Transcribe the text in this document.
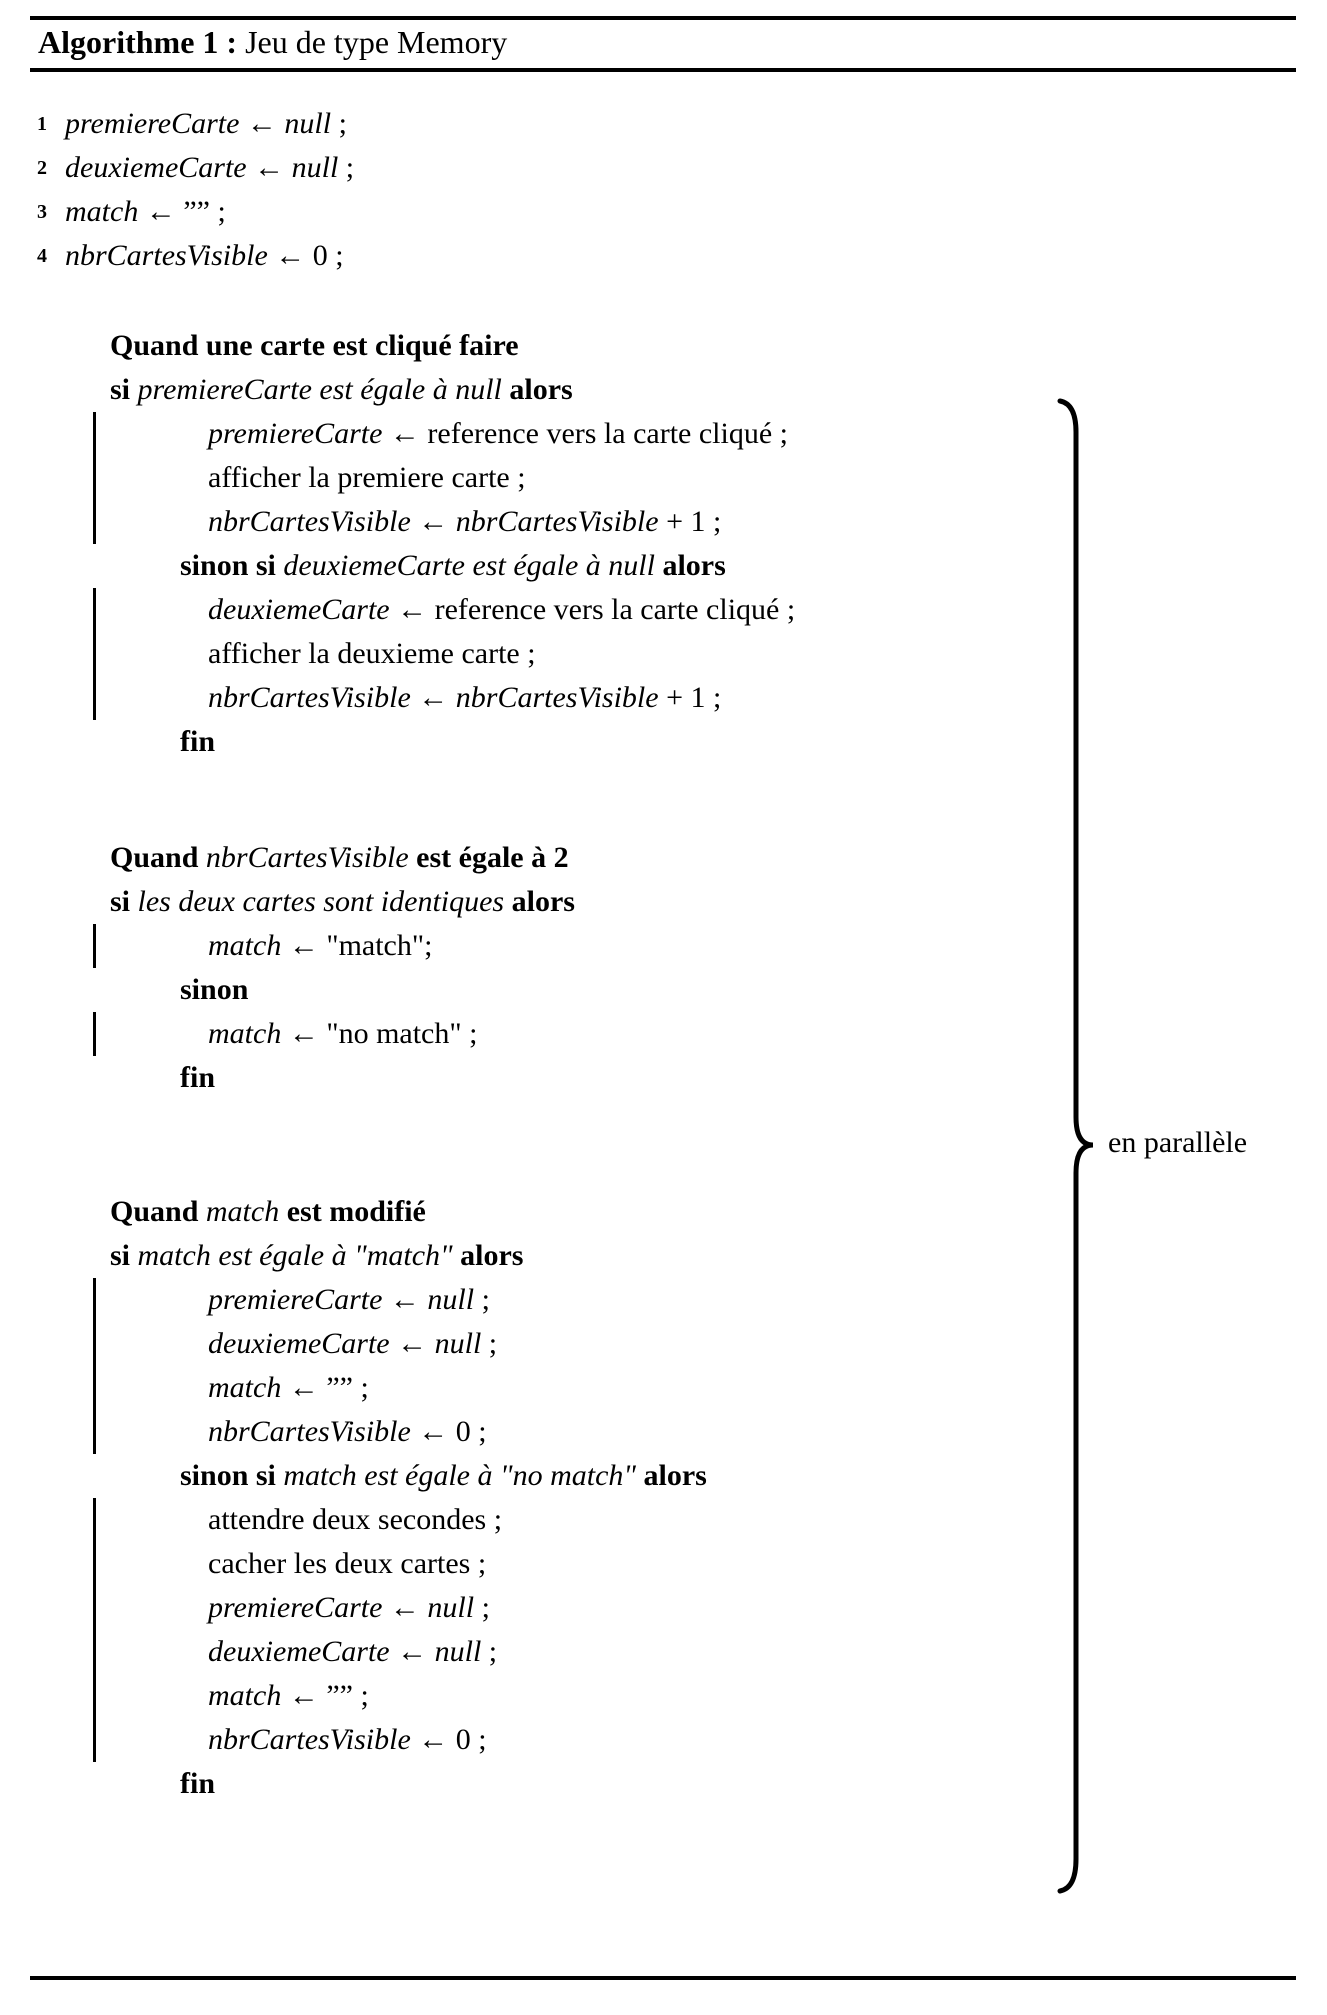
Algorithme 1 : Jeu de type Memory
1 premiereCarte ← null ;
2 deuxiemeCarte ← null ;
3 match ← ”” ;
4 nbrCartesVisible ← 0 ;
Quand une carte est cliqué faire
si premiereCarte est égale à null alors
premiereCarte ← reference vers la carte cliqué ;
afficher la premiere carte ;
nbrCartesVisible ← nbrCartesVisible + 1 ;
sinon si deuxiemeCarte est égale à null alors
deuxiemeCarte ← reference vers la carte cliqué ;
afficher la deuxieme carte ;
nbrCartesVisible ← nbrCartesVisible + 1 ;
fin
Quand nbrCartesVisible est égale à 2
si les deux cartes sont identiques alors
match ← "match";
sinon
match ← "no match" ;
fin
Quand match est modifié
si match est égale à "match" alors
premiereCarte ← null ;
deuxiemeCarte ← null ;
match ← ”” ;
nbrCartesVisible ← 0 ;
sinon si match est égale à "no match" alors
attendre deux secondes ;
cacher les deux cartes ;
premiereCarte ← null ;
deuxiemeCarte ← null ;
match ← ”” ;
nbrCartesVisible ← 0 ;
fin
en parallèle
